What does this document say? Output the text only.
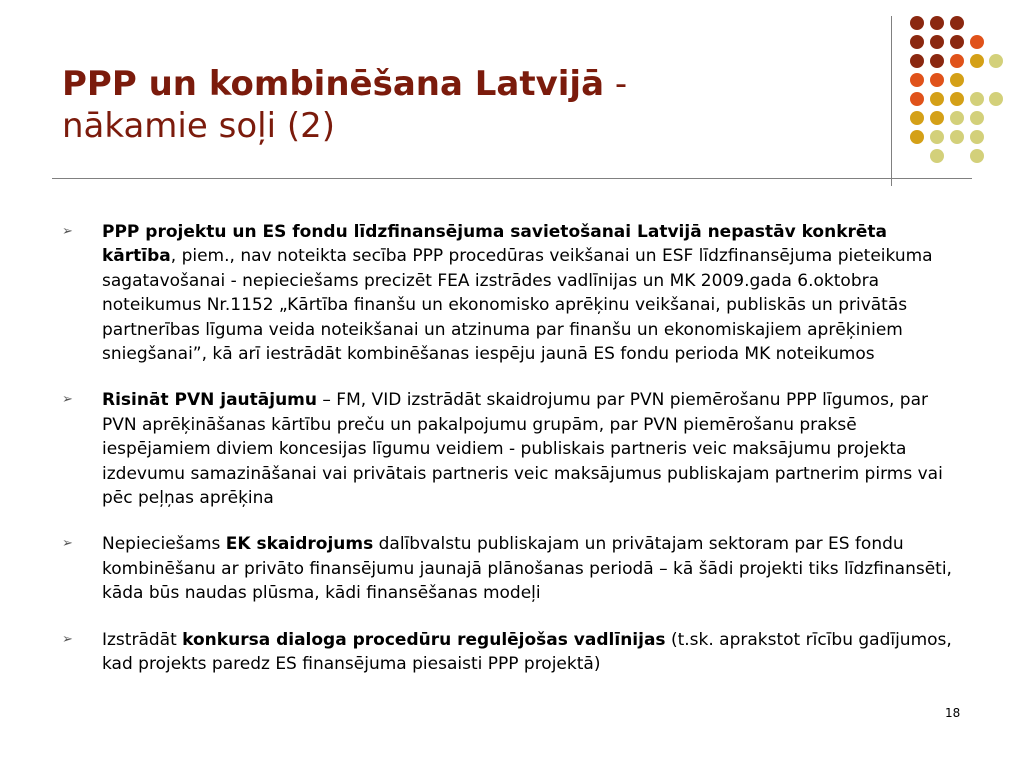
PPP un kombinēšana Latvijā -
nākamie soļi (2)
➢ PPP projektu un ES fondu līdzfinansējuma savietošanai Latvijā nepastāv konkrēta kārtība, piem., nav noteikta secība PPP procedūras veikšanai un ESF līdzfinansējuma pieteikuma sagatavošanai - nepieciešams precizēt FEA izstrādes vadlīnijas un MK 2009.gada 6.oktobra noteikumus Nr.1152 „Kārtība finanšu un ekonomisko aprēķinu veikšanai, publiskās un privātās partnerības līguma veida noteikšanai un atzinuma par finanšu un ekonomiskajiem aprēķiniem sniegšanai”, kā arī iestrādāt kombinēšanas iespēju jaunā ES fondu perioda MK noteikumos
➢ Risināt PVN jautājumu – FM, VID izstrādāt skaidrojumu par PVN piemērošanu PPP līgumos, par PVN aprēķināšanas kārtību preču un pakalpojumu grupām, par PVN piemērošanu praksē iespējamiem diviem koncesijas līgumu veidiem - publiskais partneris veic maksājumu projekta izdevumu samazināšanai vai privātais partneris veic maksājumus publiskajam partnerim pirms vai pēc peļņas aprēķina
➢ Nepieciešams EK skaidrojums dalībvalstu publiskajam un privātajam sektoram par ES fondu kombinēšanu ar privāto finansējumu jaunajā plānošanas periodā – kā šādi projekti tiks līdzfinansēti, kāda būs naudas plūsma, kādi finansēšanas modeļi
➢ Izstrādāt konkursa dialoga procedūru regulējošas vadlīnijas (t.sk. aprakstot rīcību gadījumos, kad projekts paredz ES finansējuma piesaisti PPP projektā)
18
